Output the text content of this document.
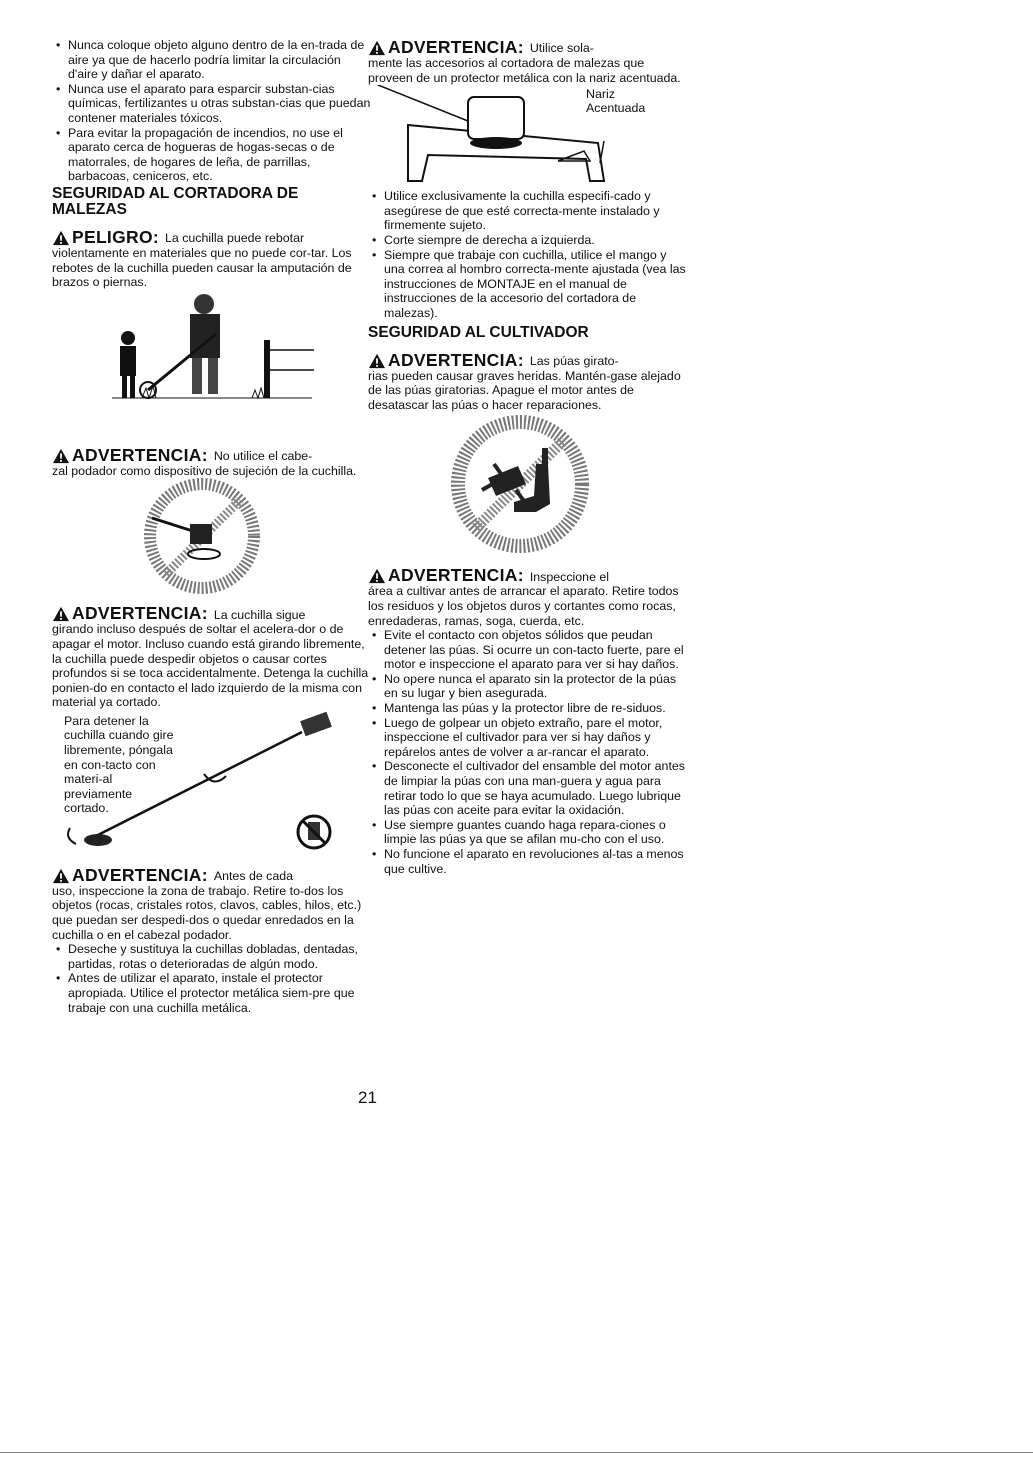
• Nunca coloque objeto alguno dentro de la en-trada de aire ya que de hacerlo podría limitar la circulación d'aire y dañar el aparato.
• Nunca use el aparato para esparcir substan-cias químicas, fertilizantes u otras substan-cias que puedan contener materiales tóxicos.
• Para evitar la propagación de incendios, no use el aparato cerca de hogueras de hogas-secas o de matorrales, de hogares de leña, de parrillas, barbacoas, ceniceros, etc.
SEGURIDAD AL CORTADORA DE MALEZAS
PELIGRO: La cuchilla puede rebotar

violentamente en materiales que no puede cor-tar. Los rebotes de la cuchilla pueden causar la amputación de brazos o piernas.

ADVERTENCIA: No utilice el cabe-

zal podador como dispositivo de sujeción de la cuchilla.

ADVERTENCIA: La cuchilla sigue

girando incluso después de soltar el acelera-dor o de apagar el motor. Incluso cuando está girando libremente, la cuchilla puede despedir objetos o causar cortes profundos si se toca accidentalmente. Detenga la cuchilla ponien-do en contacto el lado izquierdo de la misma con material ya cortado.

Para detener la cuchilla cuando gire libremente, póngala en con-tacto con materi-al previamente cortado.

ADVERTENCIA: Antes de cada

uso, inspeccione la zona de trabajo. Retire to-dos los objetos (rocas, cristales rotos, clavos, cables, hilos, etc.) que puedan ser despedi-dos o quedar enredados en la cuchilla o en el cabezal podador.

• Deseche y sustituya la cuchillas dobladas, dentadas, partidas, rotas o deterioradas de algún modo.
• Antes de utilizar el aparato, instale el protector apropiada. Utilice el protector metálica siem-pre que trabaje con una cuchilla metálica.
ADVERTENCIA: Utilice sola-

mente las accesorios al cortadora de malezas que proveen de un protector metálica con la nariz acentuada.

Nariz Acentuada

• Utilice exclusivamente la cuchilla especifi-cado y asegúrese de que esté correcta-mente instalado y firmemente sujeto.
• Corte siempre de derecha a izquierda.
• Siempre que trabaje con cuchilla, utilice el mango y una correa al hombro correcta-mente ajustada (vea las instrucciones de MONTAJE en el manual de instrucciones de la accesorio del cortadora de malezas).
SEGURIDAD AL CULTIVADOR
ADVERTENCIA: Las púas girato-

rias pueden causar graves heridas. Mantén-gase alejado de las púas giratorias. Apague el motor antes de desatascar las púas o hacer reparaciones.

ADVERTENCIA: Inspeccione el

área a cultivar antes de arrancar el aparato. Retire todos los residuos y los objetos duros y cortantes como rocas, enredaderas, ramas, soga, cuerda, etc.

• Evite el contacto con objetos sólidos que peudan detener las púas. Si ocurre un con-tacto fuerte, pare el motor e inspeccione el aparato para ver si hay daños.
• No opere nunca el aparato sin la protector de la púas en su lugar y bien asegurada.
• Mantenga las púas y la protector libre de re-siduos.
• Luego de golpear un objeto extraño, pare el motor, inspeccione el cultivador para ver si hay daños y repárelos antes de volver a ar-rancar el aparato.
• Desconecte el cultivador del ensamble del motor antes de limpiar la púas con una man-guera y agua para retirar todo lo que se haya acumulado. Luego lubrique las púas con aceite para evitar la oxidación.
• Use siempre guantes cuando haga repara-ciones o limpie las púas ya que se afilan mu-cho con el uso.
• No funcione el aparato en revoluciones al-tas a menos que cultive.
21
